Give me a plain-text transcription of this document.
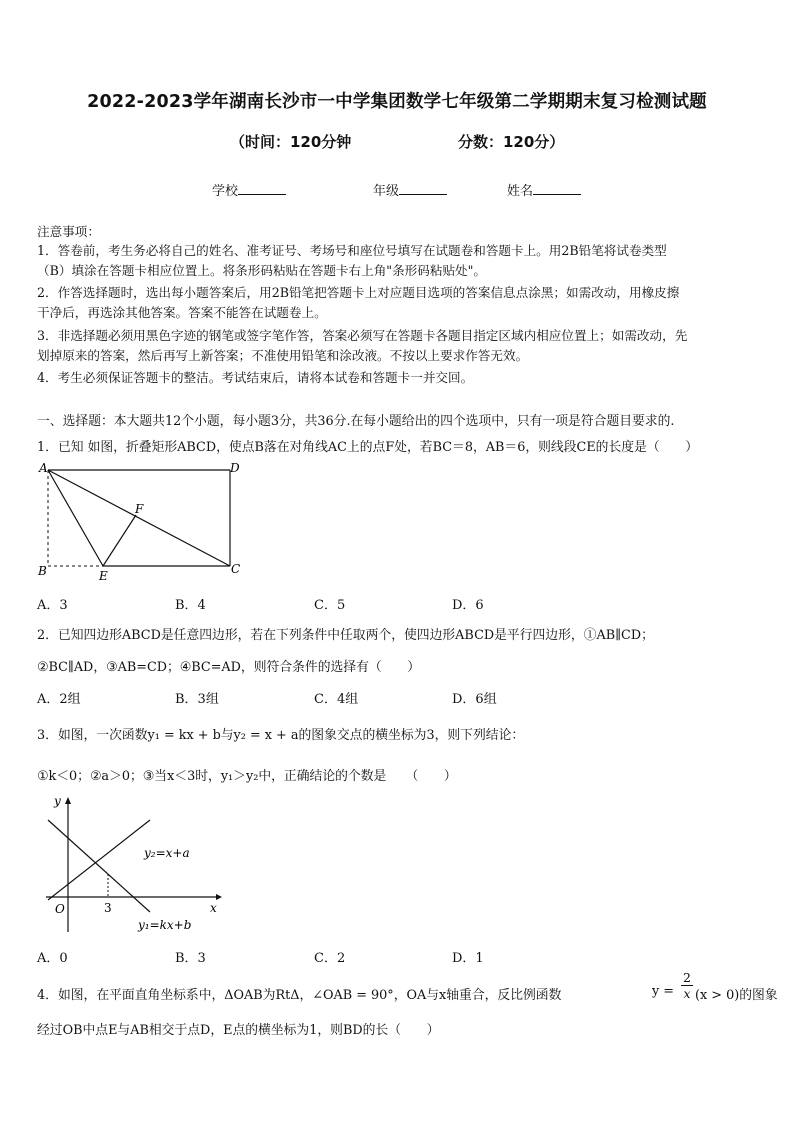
2022-2023学年湖南长沙市一中学集团数学七年级第二学期期末复习检测试题
（时间：120分钟	分数：120分）
学校	年级	姓名
注意事项：
1．答卷前，考生务必将自己的姓名、准考证号、考场号和座位号填写在试题卷和答题卡上。用2B铅笔将试卷类型
（B）填涂在答题卡相应位置上。将条形码粘贴在答题卡右上角"条形码粘贴处"。
2．作答选择题时，选出每小题答案后，用2B铅笔把答题卡上对应题目选项的答案信息点涂黑；如需改动，用橡皮擦
干净后，再选涂其他答案。答案不能答在试题卷上。
3．非选择题必须用黑色字迹的钢笔或签字笔作答，答案必须写在答题卡各题目指定区域内相应位置上；如需改动，先
划掉原来的答案，然后再写上新答案；不准使用铅笔和涂改液。不按以上要求作答无效。
4．考生必须保证答题卡的整洁。考试结束后，请将本试卷和答题卡一并交回。
一、选择题：本大题共12个小题，每小题3分，共36分.在每小题给出的四个选项中，只有一项是符合题目要求的.
1．已知 如图，折叠矩形ABCD，使点B落在对角线AC上的点F处，若BC＝8，AB＝6，则线段CE的长度是（　　）
A	D
B	E	C
F
A．3	B．4	C．5	D．6
2．已知四边形ABCD是任意四边形，若在下列条件中任取两个，使四边形ABCD是平行四边形，①AB∥CD；
②BC∥AD，③AB=CD；④BC=AD，则符合条件的选择有（　　）
A．2组	B．3组	C．4组	D．6组
3．如图，一次函数y₁ = kx + b与y₂ = x + a的图象交点的横坐标为3，则下列结论：
①k＜0；②a＞0；③当x＜3时，y₁＞y₂中，正确结论的个数是　　（　　）
y
x
O	3
y₂=x+a
y₁=kx+b
A．0	B．3	C．2	D．1
4．如图，在平面直角坐标系中，ΔOAB为RtΔ，∠OAB = 90°，OA与x轴重合，反比例函数	$y = \frac{2}{x} (x > 0)$的图象
经过OB中点E与AB相交于点D，E点的横坐标为1，则BD的长（　　）
